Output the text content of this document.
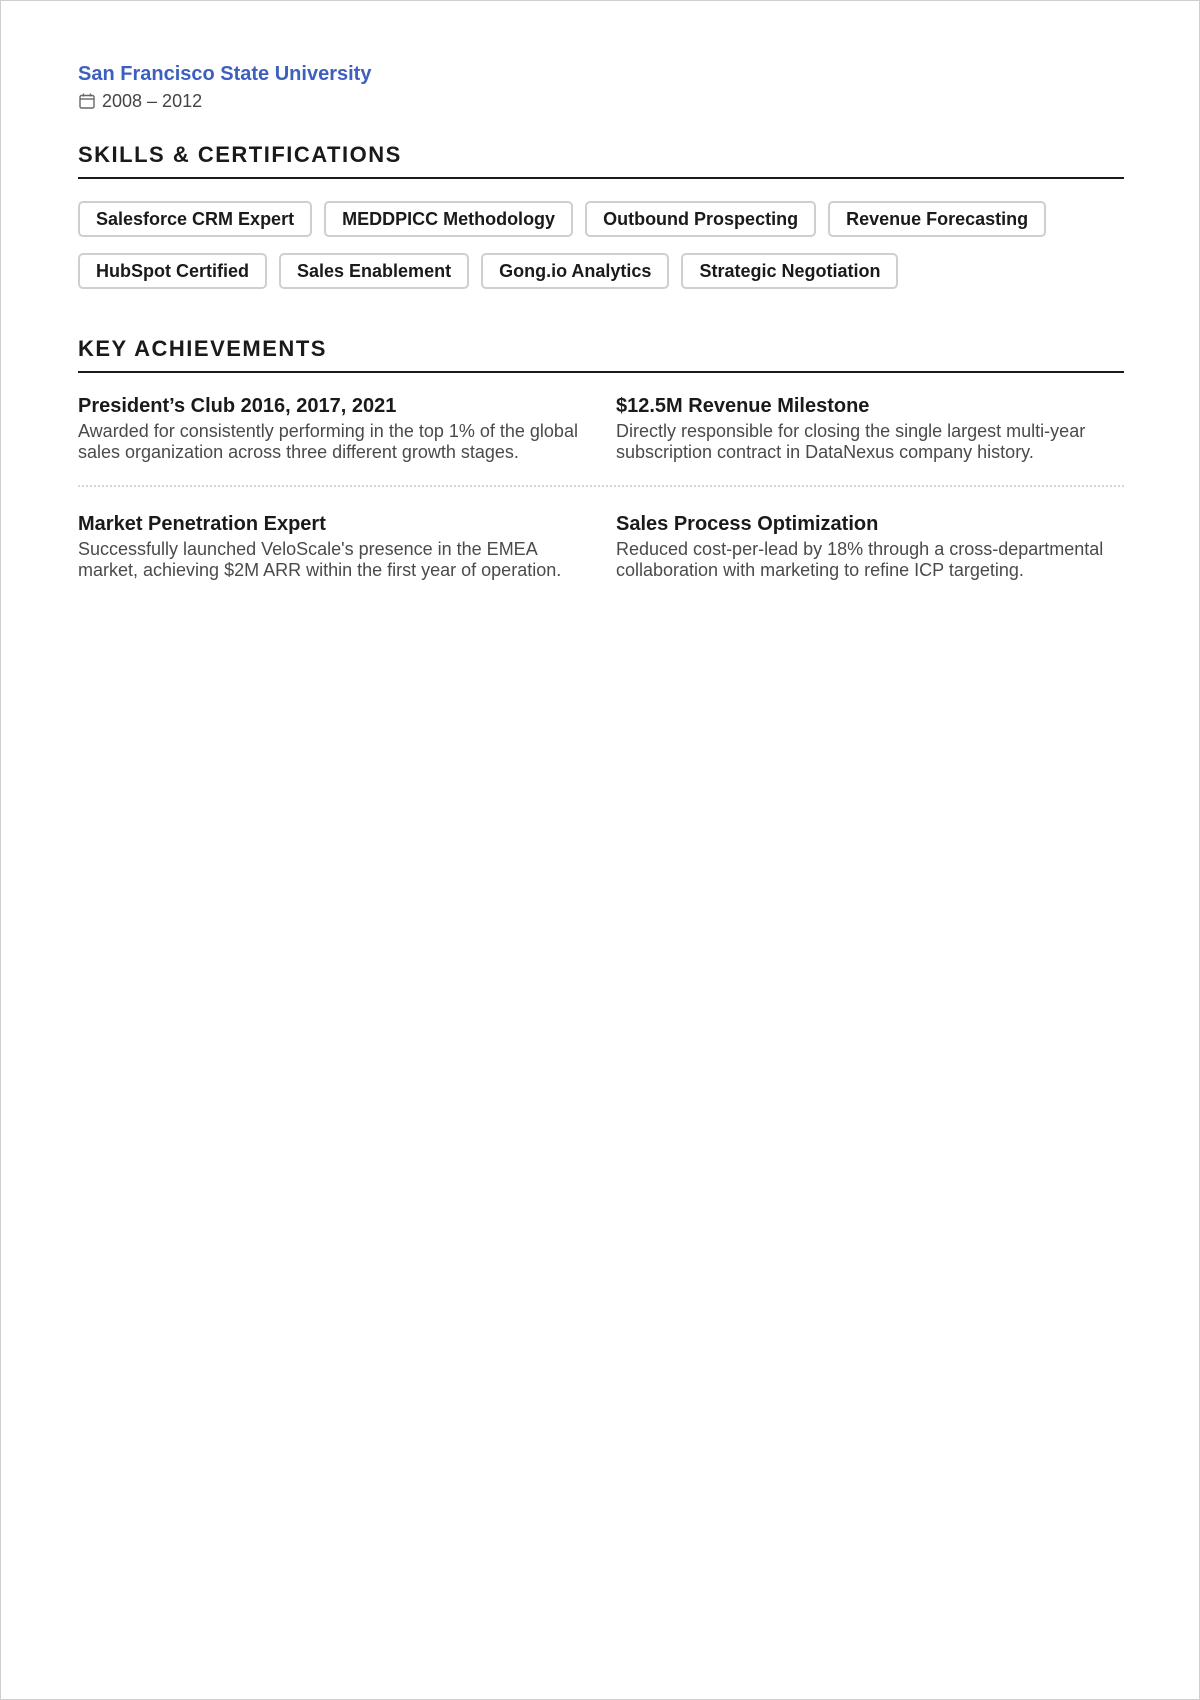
San Francisco State University
2008 – 2012
SKILLS & CERTIFICATIONS
Salesforce CRM Expert	MEDDPICC Methodology	Outbound Prospecting	Revenue Forecasting
HubSpot Certified	Sales Enablement	Gong.io Analytics	Strategic Negotiation
KEY ACHIEVEMENTS
President’s Club 2016, 2017, 2021
Awarded for consistently performing in the top 1% of the global sales organization across three different growth stages.
$12.5M Revenue Milestone
Directly responsible for closing the single largest multi-year subscription contract in DataNexus company history.
Market Penetration Expert
Successfully launched VeloScale's presence in the EMEA market, achieving $2M ARR within the first year of operation.
Sales Process Optimization
Reduced cost-per-lead by 18% through a cross-departmental collaboration with marketing to refine ICP targeting.
